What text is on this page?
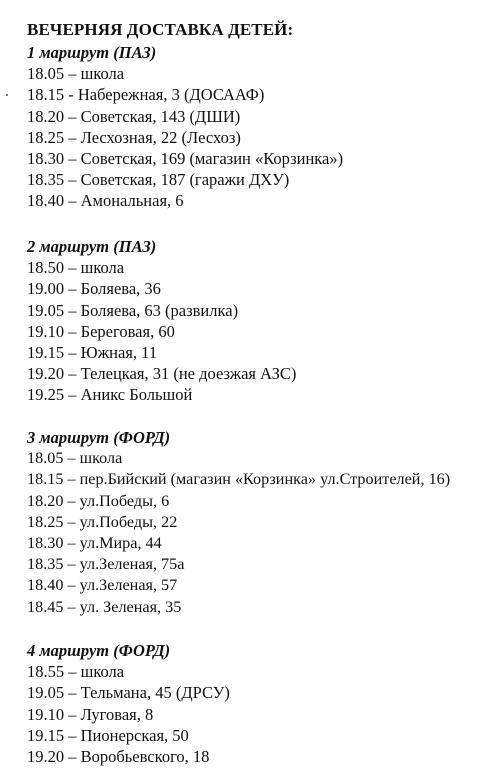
ВЕЧЕРНЯЯ ДОСТАВКА ДЕТЕЙ:
1 маршрут (ПАЗ)
18.05 – школа
18.15 - Набережная, 3 (ДОСААФ)
18.20 – Советская, 143 (ДШИ)
18.25 – Лесхозная, 22 (Лесхоз)
18.30 – Советская, 169 (магазин «Корзинка»)
18.35 – Советская, 187 (гаражи ДХУ)
18.40 – Амональная, 6
2 маршрут (ПАЗ)
18.50 – школа
19.00 – Боляева, 36
19.05 – Боляева, 63 (развилка)
19.10 – Береговая, 60
19.15 – Южная, 11
19.20 – Телецкая, 31 (не доезжая АЗС)
19.25 – Аникс Большой
3 маршрут (ФОРД)
18.05 – школа
18.15 – пер.Бийский (магазин «Корзинка» ул.Строителей, 16)
18.20 – ул.Победы, 6
18.25 – ул.Победы, 22
18.30 – ул.Мира, 44
18.35 – ул.Зеленая, 75а
18.40 – ул.Зеленая, 57
18.45 – ул. Зеленая, 35
4 маршрут (ФОРД)
18.55 – школа
19.05 – Тельмана, 45 (ДРСУ)
19.10 – Луговая, 8
19.15 – Пионерская, 50
19.20 – Воробьевского, 18
